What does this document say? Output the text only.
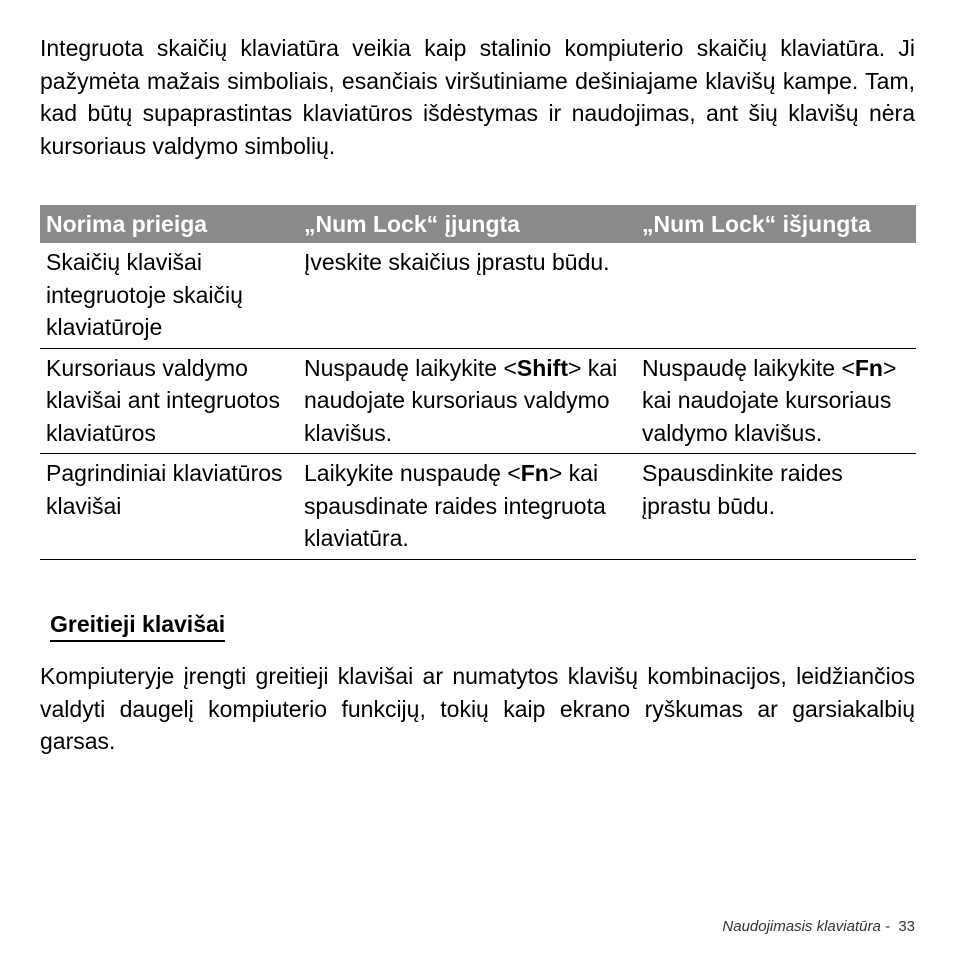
Integruota skaičių klaviatūra veikia kaip stalinio kompiuterio skaičių klaviatūra. Ji pažymėta mažais simboliais, esančiais viršutiniame dešiniajame klavišų kampe. Tam, kad būtų supaprastintas klaviatūros išdėstymas ir naudojimas, ant šių klavišų nėra kursoriaus valdymo simbolių.

Norima prieiga	„Num Lock“ įjungta	„Num Lock“ išjungta
Skaičių klavišai integruotoje skaičių klaviatūroje	Įveskite skaičius įprastu būdu.	
Kursoriaus valdymo klavišai ant integruotos klaviatūros	Nuspaudę laikykite <Shift> kai naudojate kursoriaus valdymo klavišus.	Nuspaudę laikykite <Fn> kai naudojate kursoriaus valdymo klavišus.
Pagrindiniai klaviatūros klavišai	Laikykite nuspaudę <Fn> kai spausdinate raides integruota klaviatūra.	Spausdinkite raides įprastu būdu.
Greitieji klavišai

Kompiuteryje įrengti greitieji klavišai ar numatytos klavišų kombinacijos, leidžiančios valdyti daugelį kompiuterio funkcijų, tokių kaip ekrano ryškumas ar garsiakalbių garsas.

Naudojimasis klaviatūra - 33
